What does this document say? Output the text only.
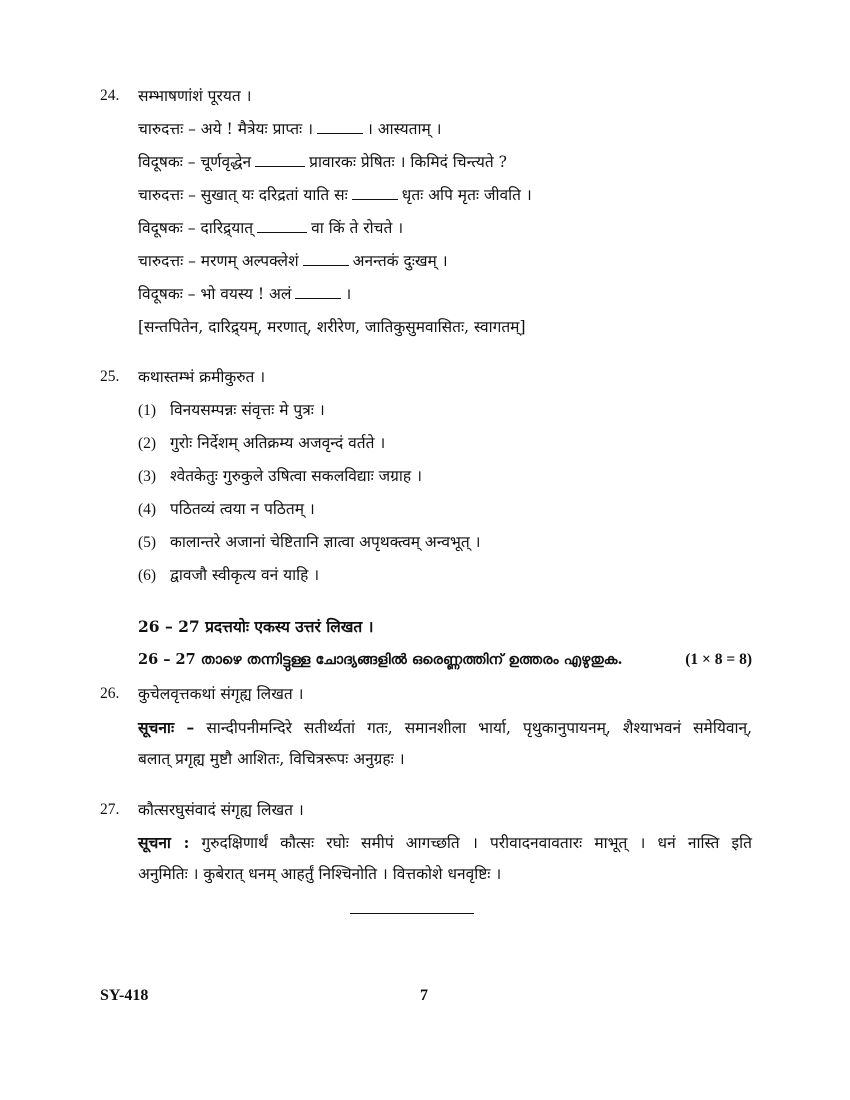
24. सम्भाषणांशं पूरयत ।
चारुदत्तः – अये ! मैत्रेयः प्राप्तः ।	। आस्यताम् ।
विदूषकः – चूर्णवृद्धेन	प्रावारकः प्रेषितः । किमिदं चिन्त्यते ?
चारुदत्तः – सुखात् यः दरिद्रतां याति सः	धृतः अपि मृतः जीवति ।
विदूषकः – दारिद्र्यात्	वा किं ते रोचते ।
चारुदत्तः – मरणम् अल्पक्लेशं	अनन्तकं दुःखम् ।
विदूषकः – भो वयस्य ! अलं	।
[सन्तपितेन, दारिद्र्यम्, मरणात्, शरीरेण, जातिकुसुमवासितः, स्वागतम्]
25. कथास्तम्भं क्रमीकुरुत ।
(1) विनयसम्पन्नः संवृत्तः मे पुत्रः ।
(2) गुरोः निर्देशम् अतिक्रम्य अजवृन्दं वर्तते ।
(3) श्वेतकेतुः गुरुकुले उषित्वा सकलविद्याः जग्राह ।
(4) पठितव्यं त्वया न पठितम् ।
(5) कालान्तरे अजानां चेष्टितानि ज्ञात्वा अपृथक्त्वम् अन्वभूत् ।
(6) द्वावजौ स्वीकृत्य वनं याहि ।
26 – 27 प्रदत्तयोः एकस्य उत्तरं लिखत ।
26 – 27 താഴെ തന്നിട്ടുള്ള ചോദ്യങ്ങളിൽ ഒരെണ്ണത്തിന് ഉത്തരം എഴുതുക.	(1 × 8 = 8)
26. कुचेलवृत्तकथां संगृह्य लिखत ।
सूचनाः – सान्दीपनीमन्दिरे सतीर्थ्यतां गतः, समानशीला भार्या, पृथुकानुपायनम्, शैश्याभवनं समेयिवान्,
बलात् प्रगृह्य मुष्टौ आशितः, विचित्ररूपः अनुग्रहः ।
27. कौत्सरघुसंवादं संगृह्य लिखत ।
सूचना : गुरुदक्षिणार्थं कौत्सः रघोः समीपं आगच्छति । परीवादनवावतारः माभूत् । धनं नास्ति इति
अनुमितिः । कुबेरात् धनम् आहर्तुं निश्चिनोति । वित्तकोशे धनवृष्टिः ।
SY-418	7
